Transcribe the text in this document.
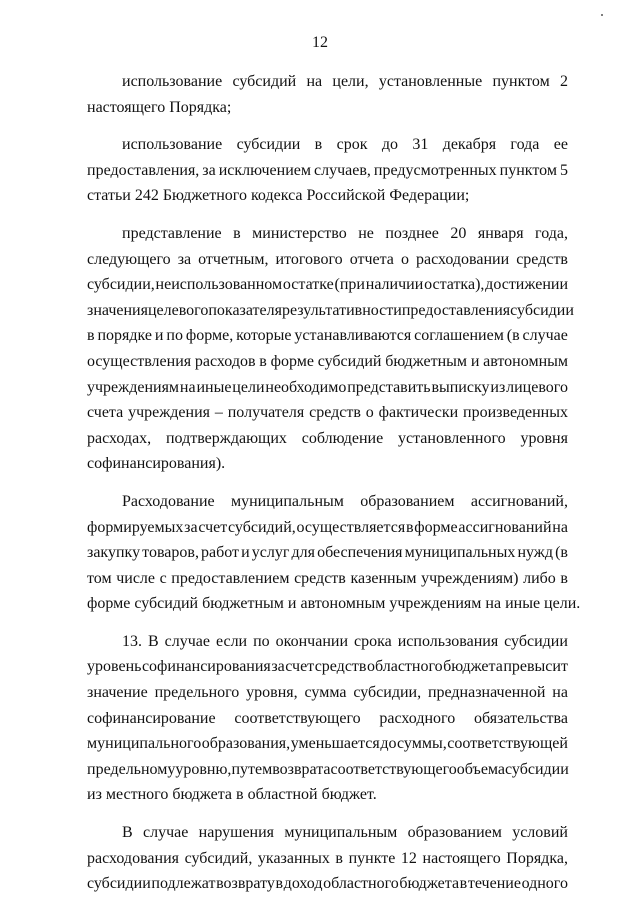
12
использование субсидий на цели, установленные пунктом 2
настоящего Порядка;
использование субсидии в срок до 31 декабря года ее
предоставления, за исключением случаев, предусмотренных пунктом 5
статьи 242 Бюджетного кодекса Российской Федерации;
представление в министерство не позднее 20 января года,
следующего за отчетным, итогового отчета о расходовании средств
субсидии, неиспользованном остатке (при наличии остатка), достижении
значения целевого показателя результативности предоставления субсидии
в порядке и по форме, которые устанавливаются соглашением (в случае
осуществления расходов в форме субсидий бюджетным и автономным
учреждениям на иные цели необходимо представить выписку из лицевого
счета учреждения – получателя средств о фактически произведенных
расходах, подтверждающих соблюдение установленного уровня
софинансирования).
Расходование муниципальным образованием ассигнований,
формируемых за счет субсидий, осуществляется в форме ассигнований на
закупку товаров, работ и услуг для обеспечения муниципальных нужд (в
том числе с предоставлением средств казенным учреждениям) либо в
форме субсидий бюджетным и автономным учреждениям на иные цели.
13. В случае если по окончании срока использования субсидии
уровень софинансирования за счет средств областного бюджета превысит
значение предельного уровня, сумма субсидии, предназначенной на
софинансирование соответствующего расходного обязательства
муниципального образования, уменьшается до суммы, соответствующей
предельному уровню, путем возврата соответствующего объема субсидии
из местного бюджета в областной бюджет.
В случае нарушения муниципальным образованием условий
расходования субсидий, указанных в пункте 12 настоящего Порядка,
субсидии подлежат возврату в доход областного бюджета в течение одного
